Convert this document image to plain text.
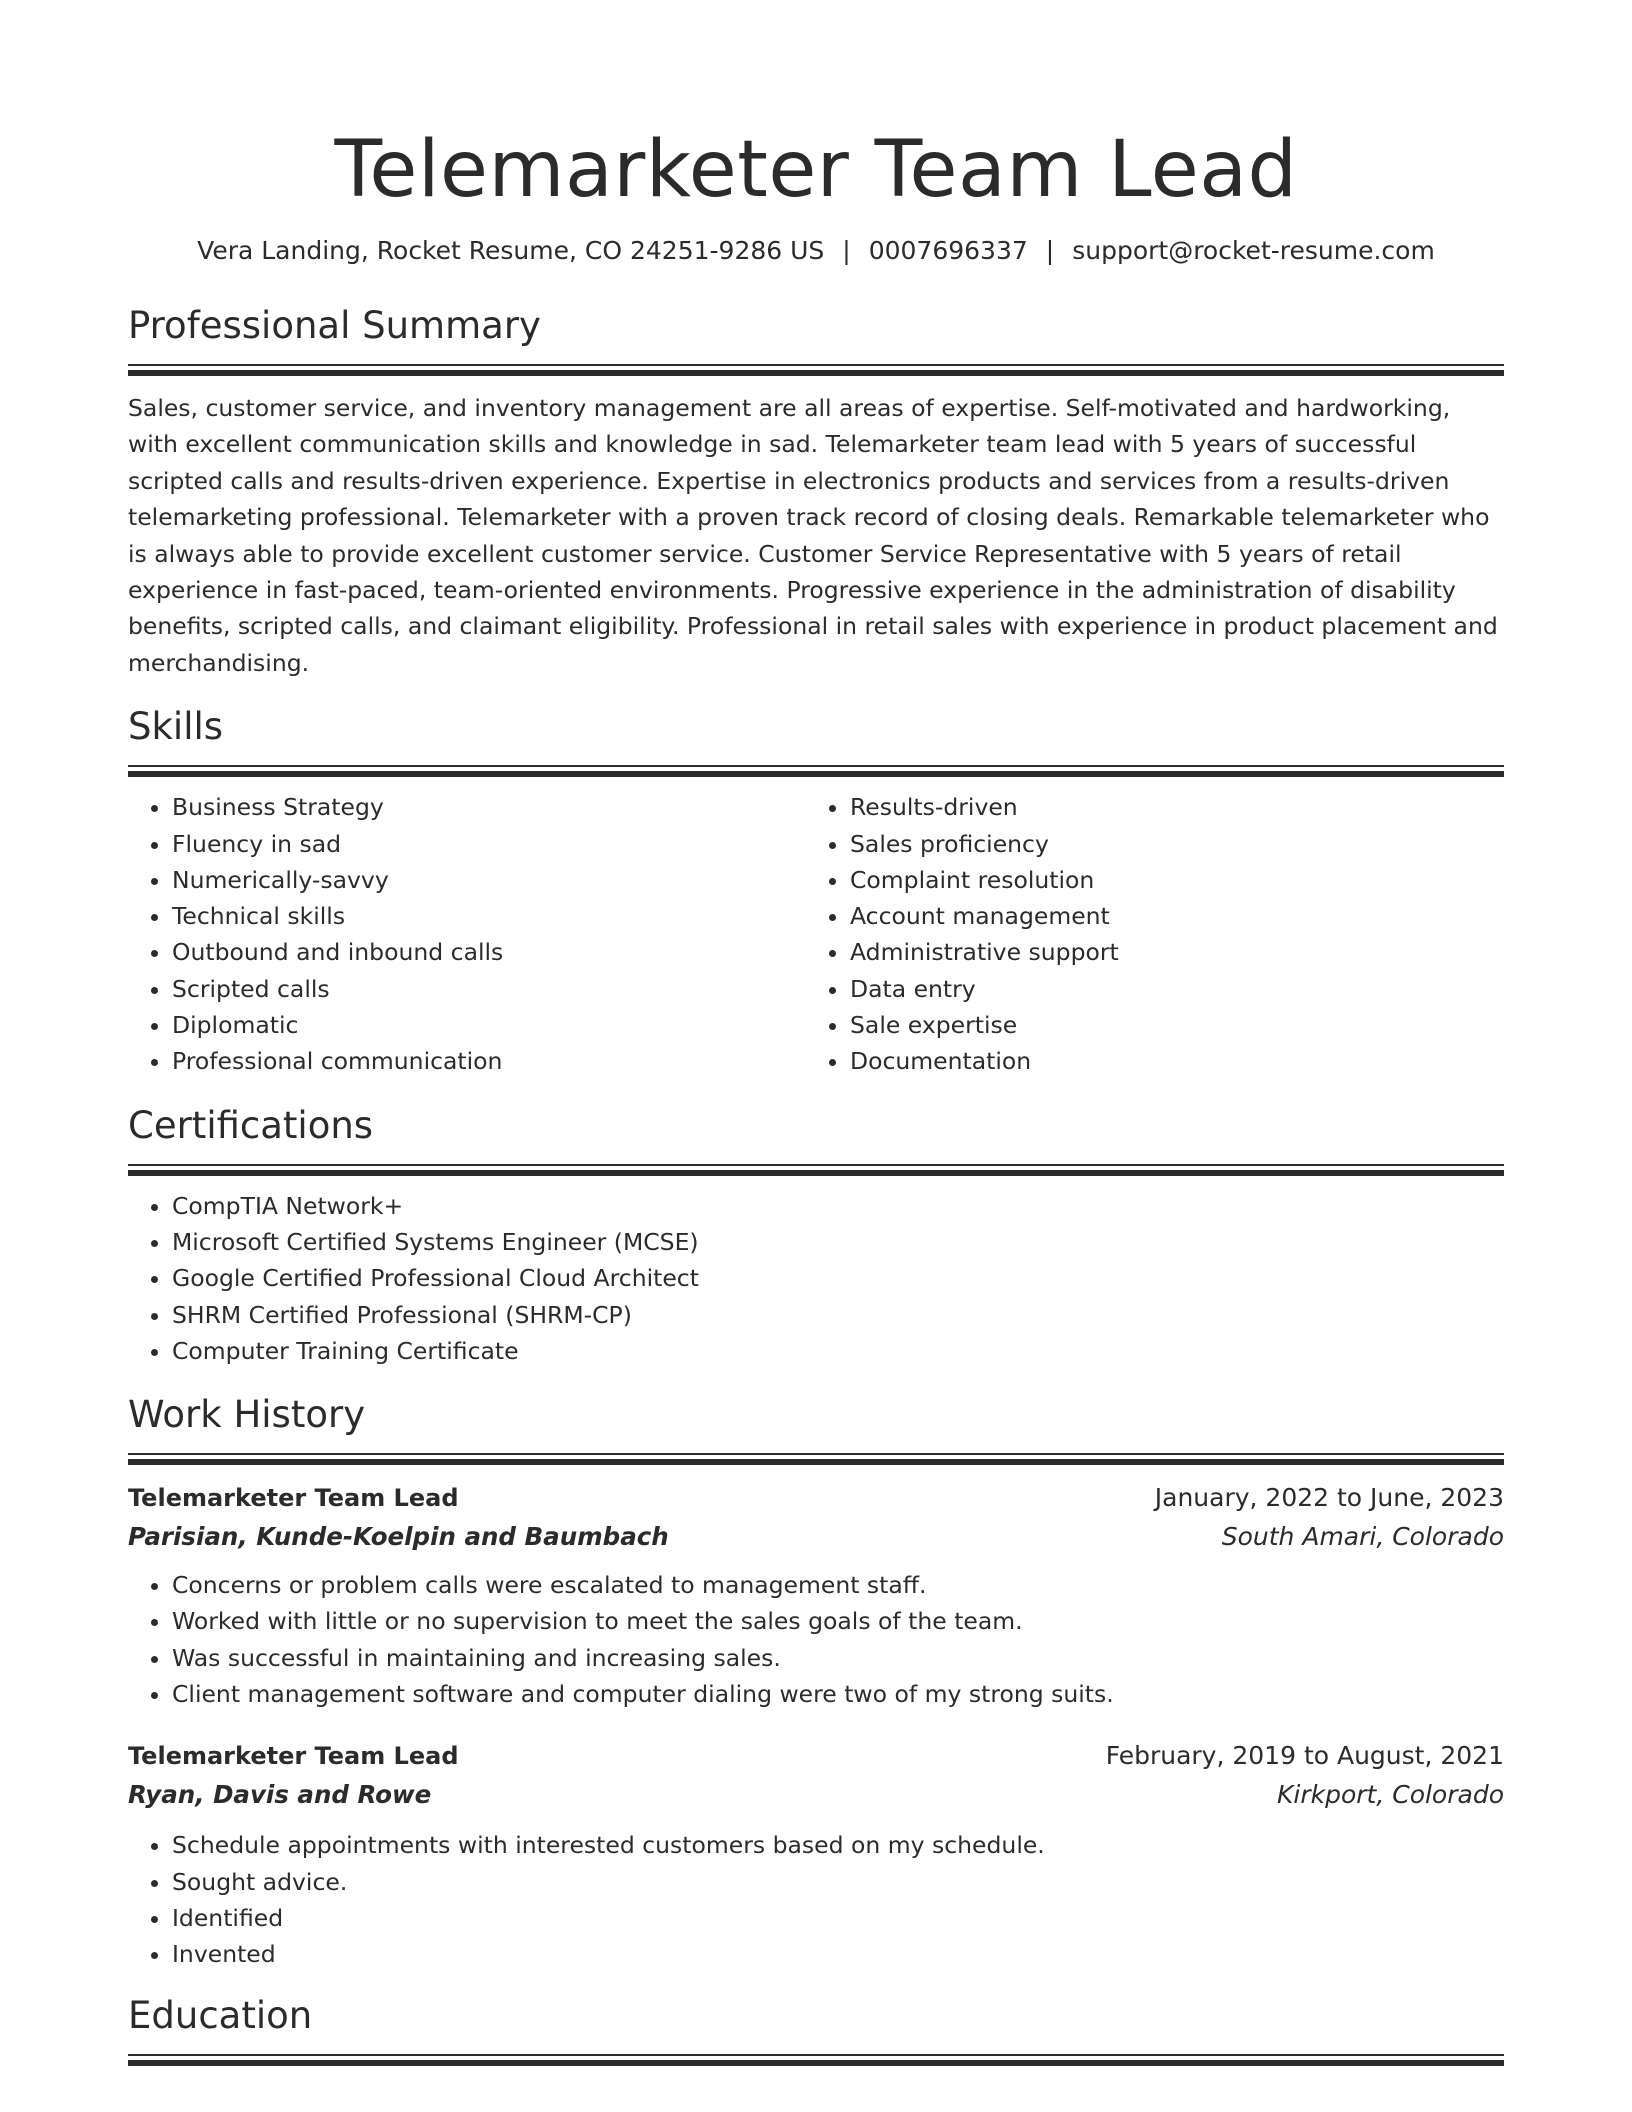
Telemarketer Team Lead
Vera Landing, Rocket Resume, CO 24251-9286 US | 0007696337 | support@rocket-resume.com
Professional Summary

Sales, customer service, and inventory management are all areas of expertise. Self-motivated and hardworking, with excellent communication skills and knowledge in sad. Telemarketer team lead with 5 years of successful scripted calls and results-driven experience. Expertise in electronics products and services from a results-driven telemarketing professional. Telemarketer with a proven track record of closing deals. Remarkable telemarketer who is always able to provide excellent customer service. Customer Service Representative with 5 years of retail experience in fast-paced, team-oriented environments. Progressive experience in the administration of disability benefits, scripted calls, and claimant eligibility. Professional in retail sales with experience in product placement and merchandising.

Skills
• Business Strategy
• Fluency in sad
• Numerically-savvy
• Technical skills
• Outbound and inbound calls
• Scripted calls
• Diplomatic
• Professional communication
• Results-driven
• Sales proficiency
• Complaint resolution
• Account management
• Administrative support
• Data entry
• Sale expertise
• Documentation
Certifications
• CompTIA Network+
• Microsoft Certified Systems Engineer (MCSE)
• Google Certified Professional Cloud Architect
• SHRM Certified Professional (SHRM-CP)
• Computer Training Certificate
Work History
Telemarketer Team Lead	January, 2022 to June, 2023
Parisian, Kunde-Koelpin and Baumbach	South Amari, Colorado
• Concerns or problem calls were escalated to management staff.
• Worked with little or no supervision to meet the sales goals of the team.
• Was successful in maintaining and increasing sales.
• Client management software and computer dialing were two of my strong suits.
Telemarketer Team Lead	February, 2019 to August, 2021
Ryan, Davis and Rowe	Kirkport, Colorado
• Schedule appointments with interested customers based on my schedule.
• Sought advice.
• Identified
• Invented
Education
